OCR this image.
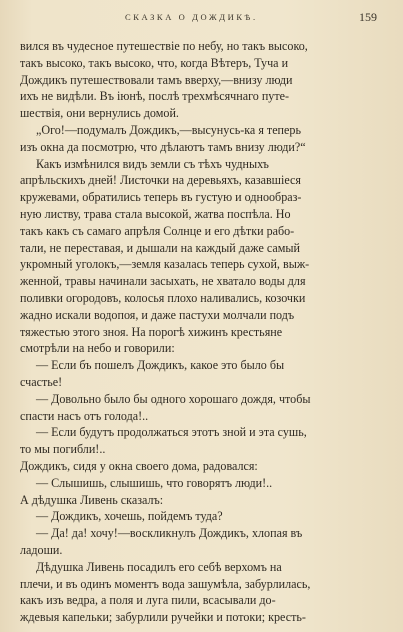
СКАЗКА О ДОЖДИКѢ.	159
вился въ чудесное путешествіе по небу, но такъ высоко,
такъ высоко, такъ высоко, что, когда Вѣтеръ, Туча и
Дождикъ путешествовали тамъ вверху,—внизу люди
ихъ не видѣли. Въ іюнѣ, послѣ трехмѣсячнаго путе-
шествія, они вернулись домой.
„Ого!—подумалъ Дождикъ,—высунусь-ка я теперь
изъ окна да посмотрю, что дѣлаютъ тамъ внизу люди?“
Какъ измѣнился видъ земли съ тѣхъ чудныхъ
апрѣльскихъ дней! Листочки на деревьяхъ, казавшіеся
кружевами, обратились теперь въ густую и однообраз-
ную листву, трава стала высокой, жатва поспѣла. Но
такъ какъ съ самаго апрѣля Солнце и его дѣтки рабо-
тали, не переставая, и дышали на каждый даже самый
укромный уголокъ,—земля казалась теперь сухой, выж-
женной, травы начинали засыхать, не хватало воды для
поливки огородовъ, колосья плохо наливались, козочки
жадно искали водопоя, и даже пастухи молчали подъ
тяжестью этого зноя. На порогѣ хижинъ крестьяне
смотрѣли на небо и говорили:
— Если бъ пошелъ Дождикъ, какое это было бы
счастье!
— Довольно было бы одного хорошаго дождя, чтобы
спасти насъ отъ голода!..
— Если будутъ продолжаться этотъ зной и эта сушь,
то мы погибли!..
Дождикъ, сидя у окна своего дома, радовался:
— Слышишь, слышишь, что говорятъ люди!..
А дѣдушка Ливень сказалъ:
— Дождикъ, хочешь, пойдемъ туда?
— Да! да! хочу!—воскликнулъ Дождикъ, хлопая въ
ладоши.
Дѣдушка Ливень посадилъ его себѣ верхомъ на
плечи, и въ одинъ моментъ вода зашумѣла, забурлилась,
какъ изъ ведра, а поля и луга пили, всасывали до-
ждевыя капельки; забурлили ручейки и потоки; кресть-
